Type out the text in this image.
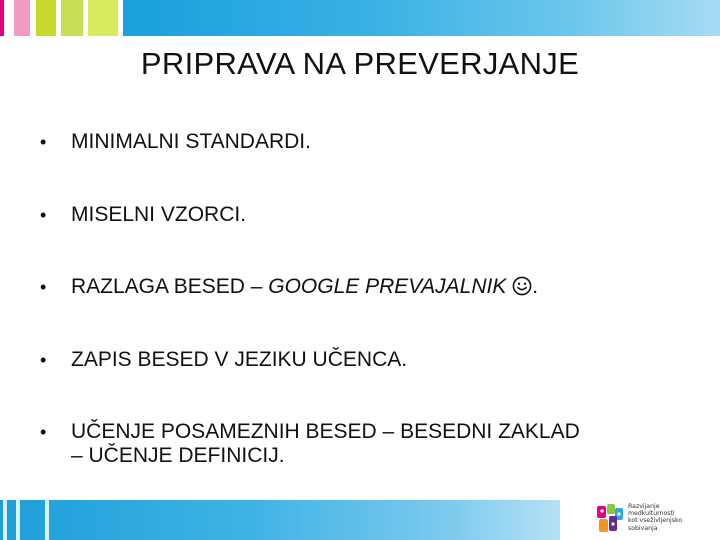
PRIPRAVA NA PREVERJANJE
•	MINIMALNI STANDARDI.
•	MISELNI VZORCI.
•	RAZLAGA BESED – GOOGLE PREVAJALNIK .
•	ZAPIS BESED V JEZIKU UČENCA.
•	UČENJE POSAMEZNIH BESED – BESEDNI ZAKLAD
– UČENJE DEFINICIJ.
Razvijanje
medkulturnosti
kot vseživljenjsko
sobivanja
